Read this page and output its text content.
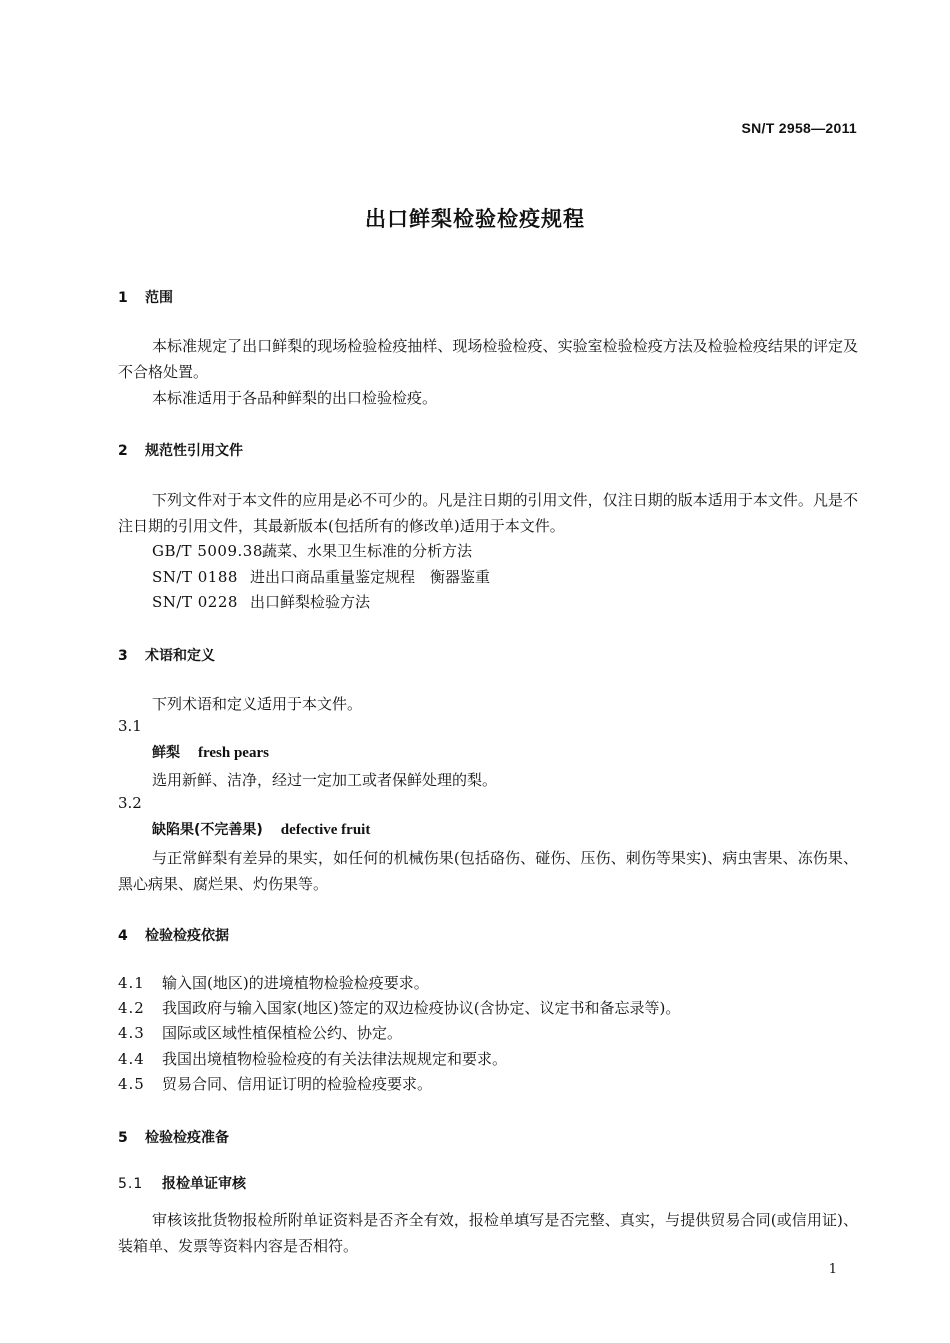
SN/T 2958—2011
出口鲜梨检验检疫规程
1 范围
本标准规定了出口鲜梨的现场检验检疫抽样、现场检验检疫、实验室检验检疫方法及检验检疫结果的评定及不合格处置。
本标准适用于各品种鲜梨的出口检验检疫。
2 规范性引用文件
下列文件对于本文件的应用是必不可少的。凡是注日期的引用文件，仅注日期的版本适用于本文件。凡是不注日期的引用文件，其最新版本(包括所有的修改单)适用于本文件。
GB/T 5009.38蔬菜、水果卫生标准的分析方法
SN/T 0188 进出口商品重量鉴定规程　衡器鉴重
SN/T 0228 出口鲜梨检验方法
3 术语和定义
下列术语和定义适用于本文件。
3.1
鲜梨 fresh pears
选用新鲜、洁净，经过一定加工或者保鲜处理的梨。
3.2
缺陷果(不完善果) defective fruit
与正常鲜梨有差异的果实，如任何的机械伤果(包括硌伤、碰伤、压伤、刺伤等果实)、病虫害果、冻伤果、黑心病果、腐烂果、灼伤果等。
4 检验检疫依据
4.1 输入国(地区)的进境植物检验检疫要求。
4.2 我国政府与输入国家(地区)签定的双边检疫协议(含协定、议定书和备忘录等)。
4.3 国际或区域性植保植检公约、协定。
4.4 我国出境植物检验检疫的有关法律法规规定和要求。
4.5 贸易合同、信用证订明的检验检疫要求。
5 检验检疫准备
5.1 报检单证审核
审核该批货物报检所附单证资料是否齐全有效，报检单填写是否完整、真实，与提供贸易合同(或信用证)、装箱单、发票等资料内容是否相符。
1
